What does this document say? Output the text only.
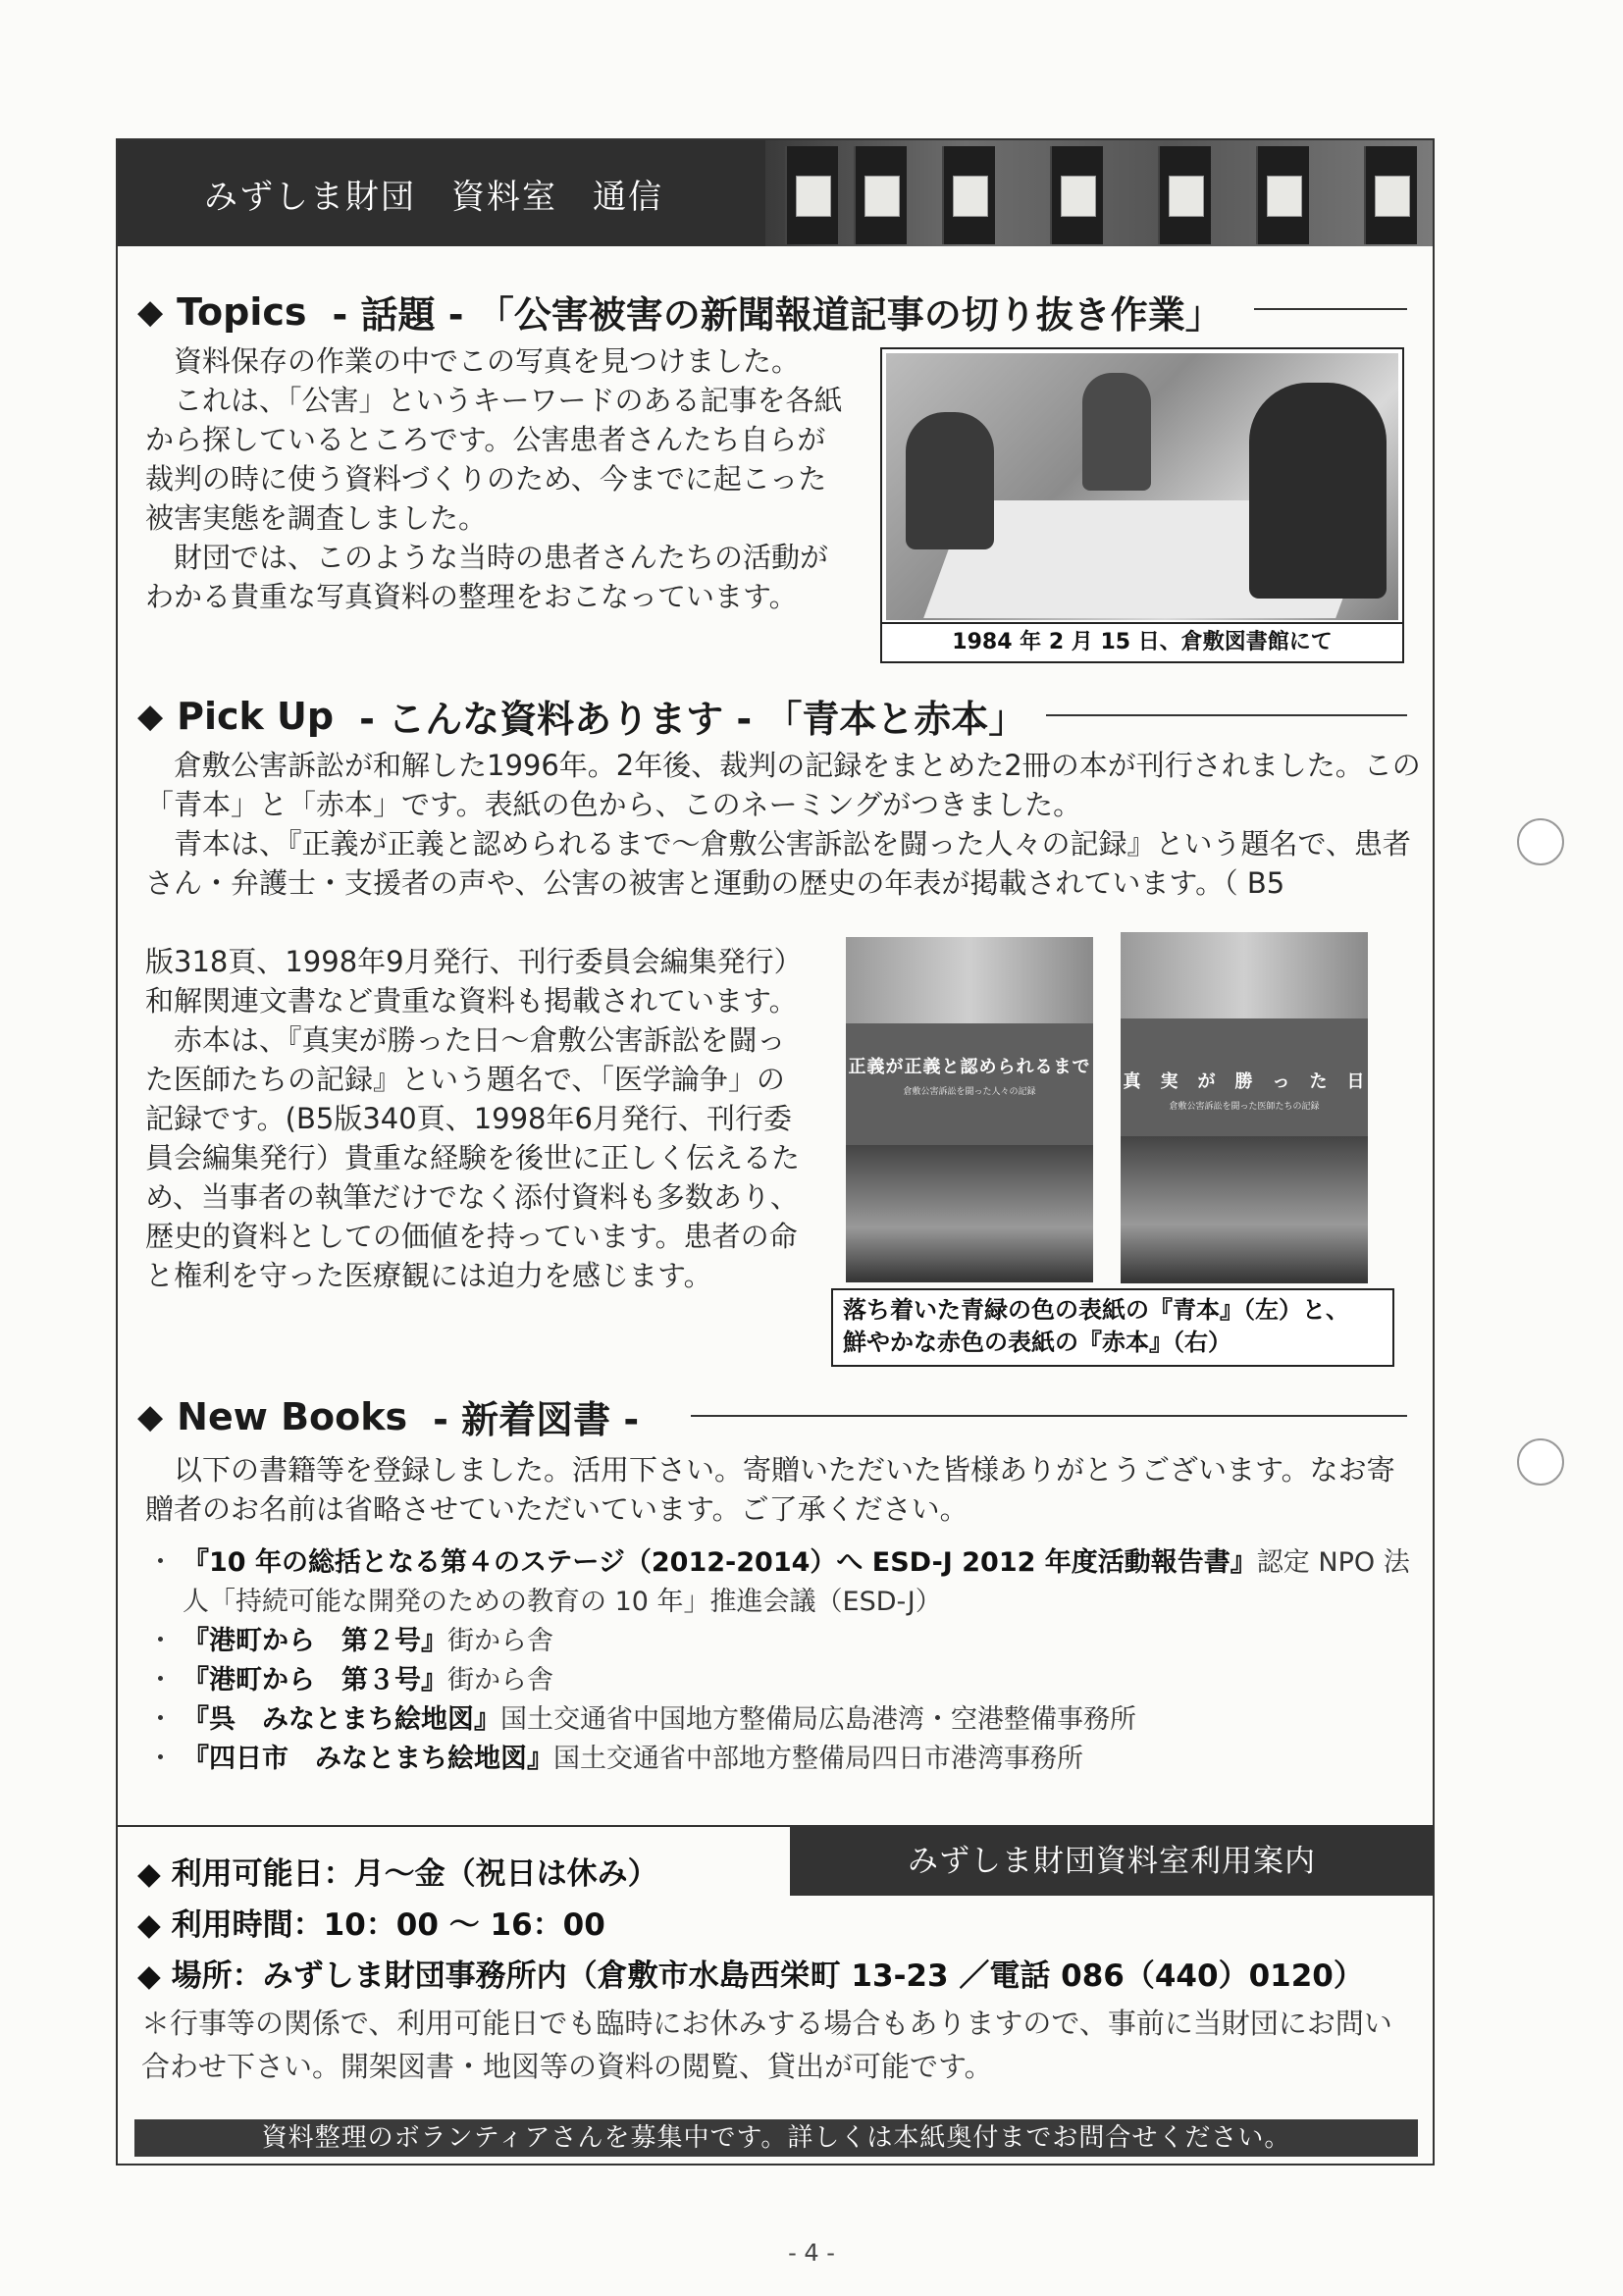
みずしま財団　資料室　通信
◆ Topics - 話題 - 「公害被害の新聞報道記事の切り抜き作業」

資料保存の作業の中でこの写真を見つけました。

これは、「公害」というキーワードのある記事を各紙から探しているところです。公害患者さんたち自らが裁判の時に使う資料づくりのため、今までに起こった被害実態を調査しました。

財団では、このような当時の患者さんたちの活動がわかる貴重な写真資料の整理をおこなっています。

1984 年 2 月 15 日、倉敷図書館にて
◆ Pick Up - こんな資料あります - 「青本と赤本」

倉敷公害訴訟が和解した1996年。2年後、裁判の記録をまとめた2冊の本が刊行されました。この「青本」と「赤本」です。表紙の色から、このネーミングがつきました。

青本は、『正義が正義と認められるまで〜倉敷公害訴訟を闘った人々の記録』という題名で、患者さん・弁護士・支援者の声や、公害の被害と運動の歴史の年表が掲載されています。（ B5

版318頁、1998年9月発行、刊行委員会編集発行）和解関連文書など貴重な資料も掲載されています。

赤本は、『真実が勝った日〜倉敷公害訴訟を闘った医師たちの記録』という題名で、「医学論争」の記録です。(B5版340頁、1998年6月発行、刊行委員会編集発行）貴重な経験を後世に正しく伝えるため、当事者の執筆だけでなく添付資料も多数あり、歴史的資料としての価値を持っています。患者の命と権利を守った医療観には迫力を感じます。

正義が正義と認められるまで
倉敷公害訴訟を闘った人々の記録	真　実　が　勝　っ　た　日
倉敷公害訴訟を闘った医師たちの記録
落ち着いた青緑の色の表紙の『青本』（左）と、
鮮やかな赤色の表紙の『赤本』（右）
◆ New Books - 新着図書 -

以下の書籍等を登録しました。活用下さい。寄贈いただいた皆様ありがとうございます。なお寄贈者のお名前は省略させていただいています。ご了承ください。

・ 『10 年の総括となる第４のステージ（2012-2014）へ ESD-J 2012 年度活動報告書』認定 NPO 法人「持続可能な開発のための教育の 10 年」推進会議（ESD-J）
・ 『港町から　第２号』街から舎
・ 『港町から　第３号』街から舎
・ 『呉　みなとまち絵地図』国土交通省中国地方整備局広島港湾・空港整備事務所
・ 『四日市　みなとまち絵地図』国土交通省中部地方整備局四日市港湾事務所
みずしま財団資料室利用案内
◆ 利用可能日：月〜金（祝日は休み）
◆ 利用時間：10：00 〜 16：00
◆ 場所：みずしま財団事務所内（倉敷市水島西栄町 13-23 ／電話 086（440）0120）
＊行事等の関係で、利用可能日でも臨時にお休みする場合もありますので、事前に当財団にお問い合わせ下さい。開架図書・地図等の資料の閲覧、貸出が可能です。
資料整理のボランティアさんを募集中です。詳しくは本紙奥付までお問合せください。
- 4 -
